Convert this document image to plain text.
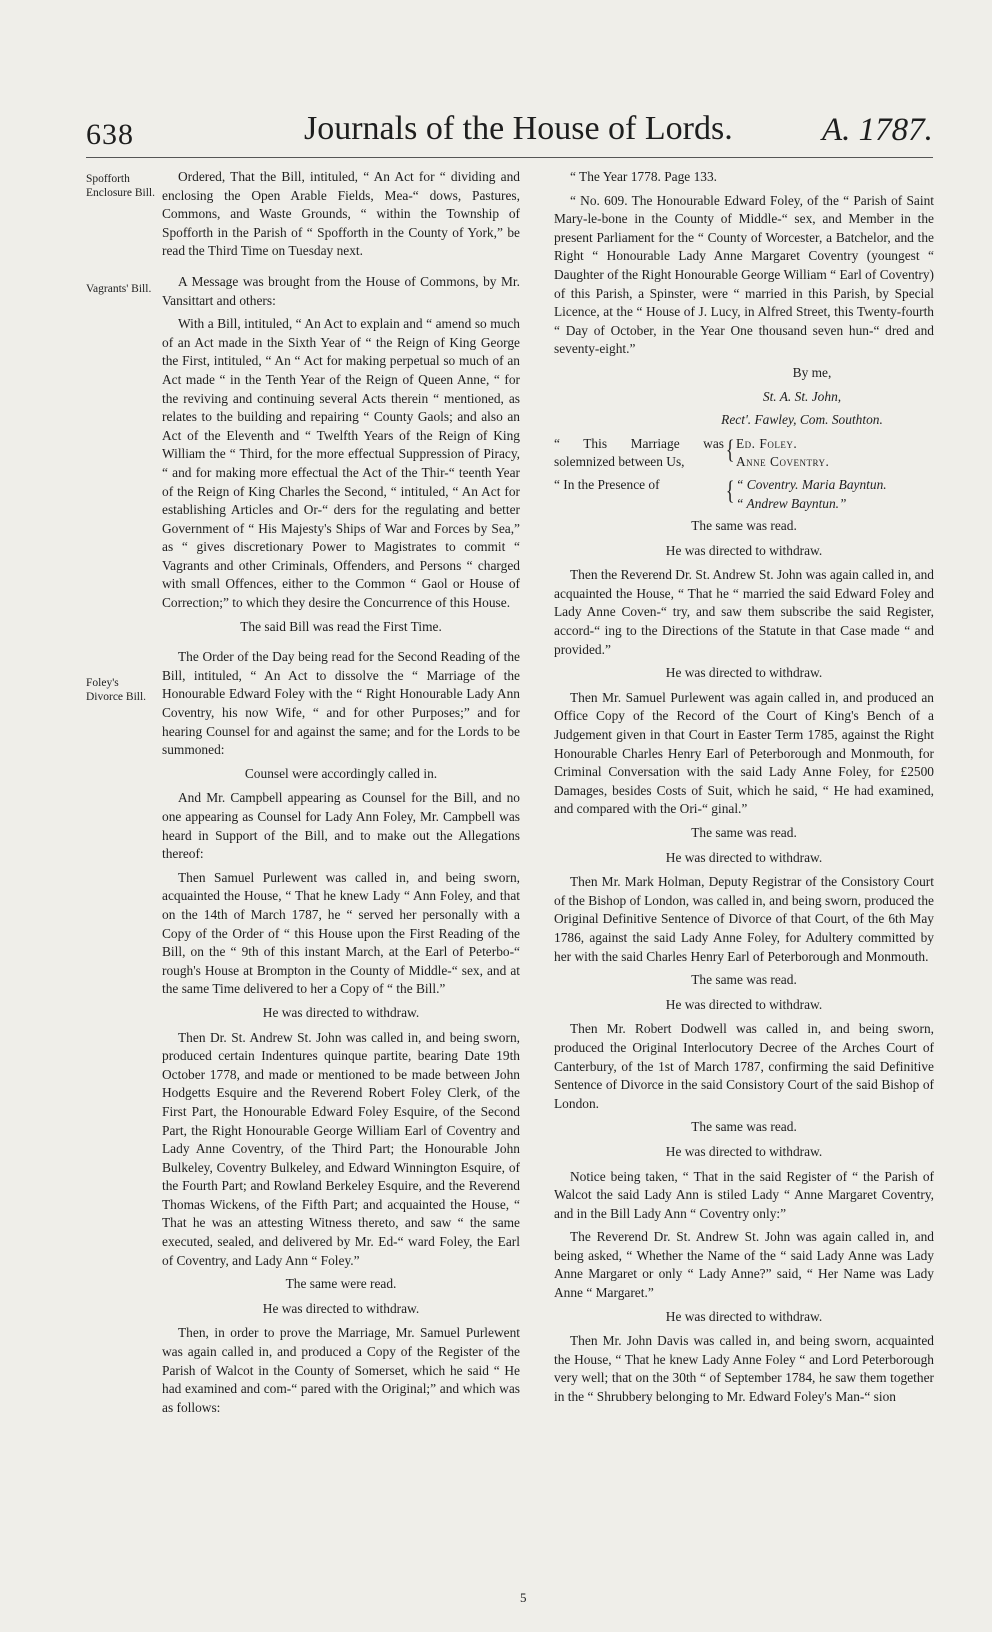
638	Journals of the House of Lords.	A. 1787.
Spofforth Enclosure Bill.
Vagrants' Bill.
Foley's Divorce Bill.

Ordered, That the Bill, intituled, “ An Act for “ dividing and enclosing the Open Arable Fields, Mea-“ dows, Pastures, Commons, and Waste Grounds, “ within the Township of Spofforth in the Parish of “ Spofforth in the County of York,” be read the Third Time on Tuesday next.

A Message was brought from the House of Commons, by Mr. Vansittart and others:

With a Bill, intituled, “ An Act to explain and “ amend so much of an Act made in the Sixth Year of “ the Reign of King George the First, intituled, “ An “ Act for making perpetual so much of an Act made “ in the Tenth Year of the Reign of Queen Anne, “ for the reviving and continuing several Acts therein “ mentioned, as relates to the building and repairing “ County Gaols; and also an Act of the Eleventh and “ Twelfth Years of the Reign of King William the “ Third, for the more effectual Suppression of Piracy, “ and for making more effectual the Act of the Thir-“ teenth Year of the Reign of King Charles the Second, “ intituled, “ An Act for establishing Articles and Or-“ ders for the regulating and better Government of “ His Majesty's Ships of War and Forces by Sea,” as “ gives discretionary Power to Magistrates to commit “ Vagrants and other Criminals, Offenders, and Persons “ charged with small Offences, either to the Common “ Gaol or House of Correction;” to which they desire the Concurrence of this House.

The said Bill was read the First Time.

The Order of the Day being read for the Second Reading of the Bill, intituled, “ An Act to dissolve the “ Marriage of the Honourable Edward Foley with the “ Right Honourable Lady Ann Coventry, his now Wife, “ and for other Purposes;” and for hearing Counsel for and against the same; and for the Lords to be summoned:

Counsel were accordingly called in.

And Mr. Campbell appearing as Counsel for the Bill, and no one appearing as Counsel for Lady Ann Foley, Mr. Campbell was heard in Support of the Bill, and to make out the Allegations thereof:

Then Samuel Purlewent was called in, and being sworn, acquainted the House, “ That he knew Lady “ Ann Foley, and that on the 14th of March 1787, he “ served her personally with a Copy of the Order of “ this House upon the First Reading of the Bill, on the “ 9th of this instant March, at the Earl of Peterbo-“ rough's House at Brompton in the County of Middle-“ sex, and at the same Time delivered to her a Copy of “ the Bill.”

He was directed to withdraw.

Then Dr. St. Andrew St. John was called in, and being sworn, produced certain Indentures quinque partite, bearing Date 19th October 1778, and made or mentioned to be made between John Hodgetts Esquire and the Reverend Robert Foley Clerk, of the First Part, the Honourable Edward Foley Esquire, of the Second Part, the Right Honourable George William Earl of Coventry and Lady Anne Coventry, of the Third Part; the Honourable John Bulkeley, Coventry Bulkeley, and Edward Winnington Esquire, of the Fourth Part; and Rowland Berkeley Esquire, and the Reverend Thomas Wickens, of the Fifth Part; and acquainted the House, “ That he was an attesting Witness thereto, and saw “ the same executed, sealed, and delivered by Mr. Ed-“ ward Foley, the Earl of Coventry, and Lady Ann “ Foley.”

The same were read.

He was directed to withdraw.

Then, in order to prove the Marriage, Mr. Samuel Purlewent was again called in, and produced a Copy of the Register of the Parish of Walcot in the County of Somerset, which he said “ He had examined and com-“ pared with the Original;” and which was as follows:

“ The Year 1778. Page 133.

“ No. 609. The Honourable Edward Foley, of the “ Parish of Saint Mary-le-bone in the County of Middle-“ sex, and Member in the present Parliament for the “ County of Worcester, a Batchelor, and the Right “ Honourable Lady Anne Margaret Coventry (youngest “ Daughter of the Right Honourable George William “ Earl of Coventry) of this Parish, a Spinster, were “ married in this Parish, by Special Licence, at the “ House of J. Lucy, in Alfred Street, this Twenty-fourth “ Day of October, in the Year One thousand seven hun-“ dred and seventy-eight.”

By me,

St. A. St. John,

Rect'. Fawley, Com. Southton.

“ This Marriage was solemnized between Us,	{ Ed. Foley.
Anne Coventry.
“ In the Presence of	{ “ Coventry. Maria Bayntun.
“ Andrew Bayntun.”

The same was read.

He was directed to withdraw.

Then the Reverend Dr. St. Andrew St. John was again called in, and acquainted the House, “ That he “ married the said Edward Foley and Lady Anne Coven-“ try, and saw them subscribe the said Register, accord-“ ing to the Directions of the Statute in that Case made “ and provided.”

He was directed to withdraw.

Then Mr. Samuel Purlewent was again called in, and produced an Office Copy of the Record of the Court of King's Bench of a Judgement given in that Court in Easter Term 1785, against the Right Honourable Charles Henry Earl of Peterborough and Monmouth, for Criminal Conversation with the said Lady Anne Foley, for £2500 Damages, besides Costs of Suit, which he said, “ He had examined, and compared with the Ori-“ ginal.”

The same was read.

He was directed to withdraw.

Then Mr. Mark Holman, Deputy Registrar of the Consistory Court of the Bishop of London, was called in, and being sworn, produced the Original Definitive Sentence of Divorce of that Court, of the 6th May 1786, against the said Lady Anne Foley, for Adultery committed by her with the said Charles Henry Earl of Peterborough and Monmouth.

The same was read.

He was directed to withdraw.

Then Mr. Robert Dodwell was called in, and being sworn, produced the Original Interlocutory Decree of the Arches Court of Canterbury, of the 1st of March 1787, confirming the said Definitive Sentence of Divorce in the said Consistory Court of the said Bishop of London.

The same was read.

He was directed to withdraw.

Notice being taken, “ That in the said Register of “ the Parish of Walcot the said Lady Ann is stiled Lady “ Anne Margaret Coventry, and in the Bill Lady Ann “ Coventry only:”

The Reverend Dr. St. Andrew St. John was again called in, and being asked, “ Whether the Name of the “ said Lady Anne was Lady Anne Margaret or only “ Lady Anne?” said, “ Her Name was Lady Anne “ Margaret.”

He was directed to withdraw.

Then Mr. John Davis was called in, and being sworn, acquainted the House, “ That he knew Lady Anne Foley “ and Lord Peterborough very well; that on the 30th “ of September 1784, he saw them together in the “ Shrubbery belonging to Mr. Edward Foley's Man-“ sion

5
